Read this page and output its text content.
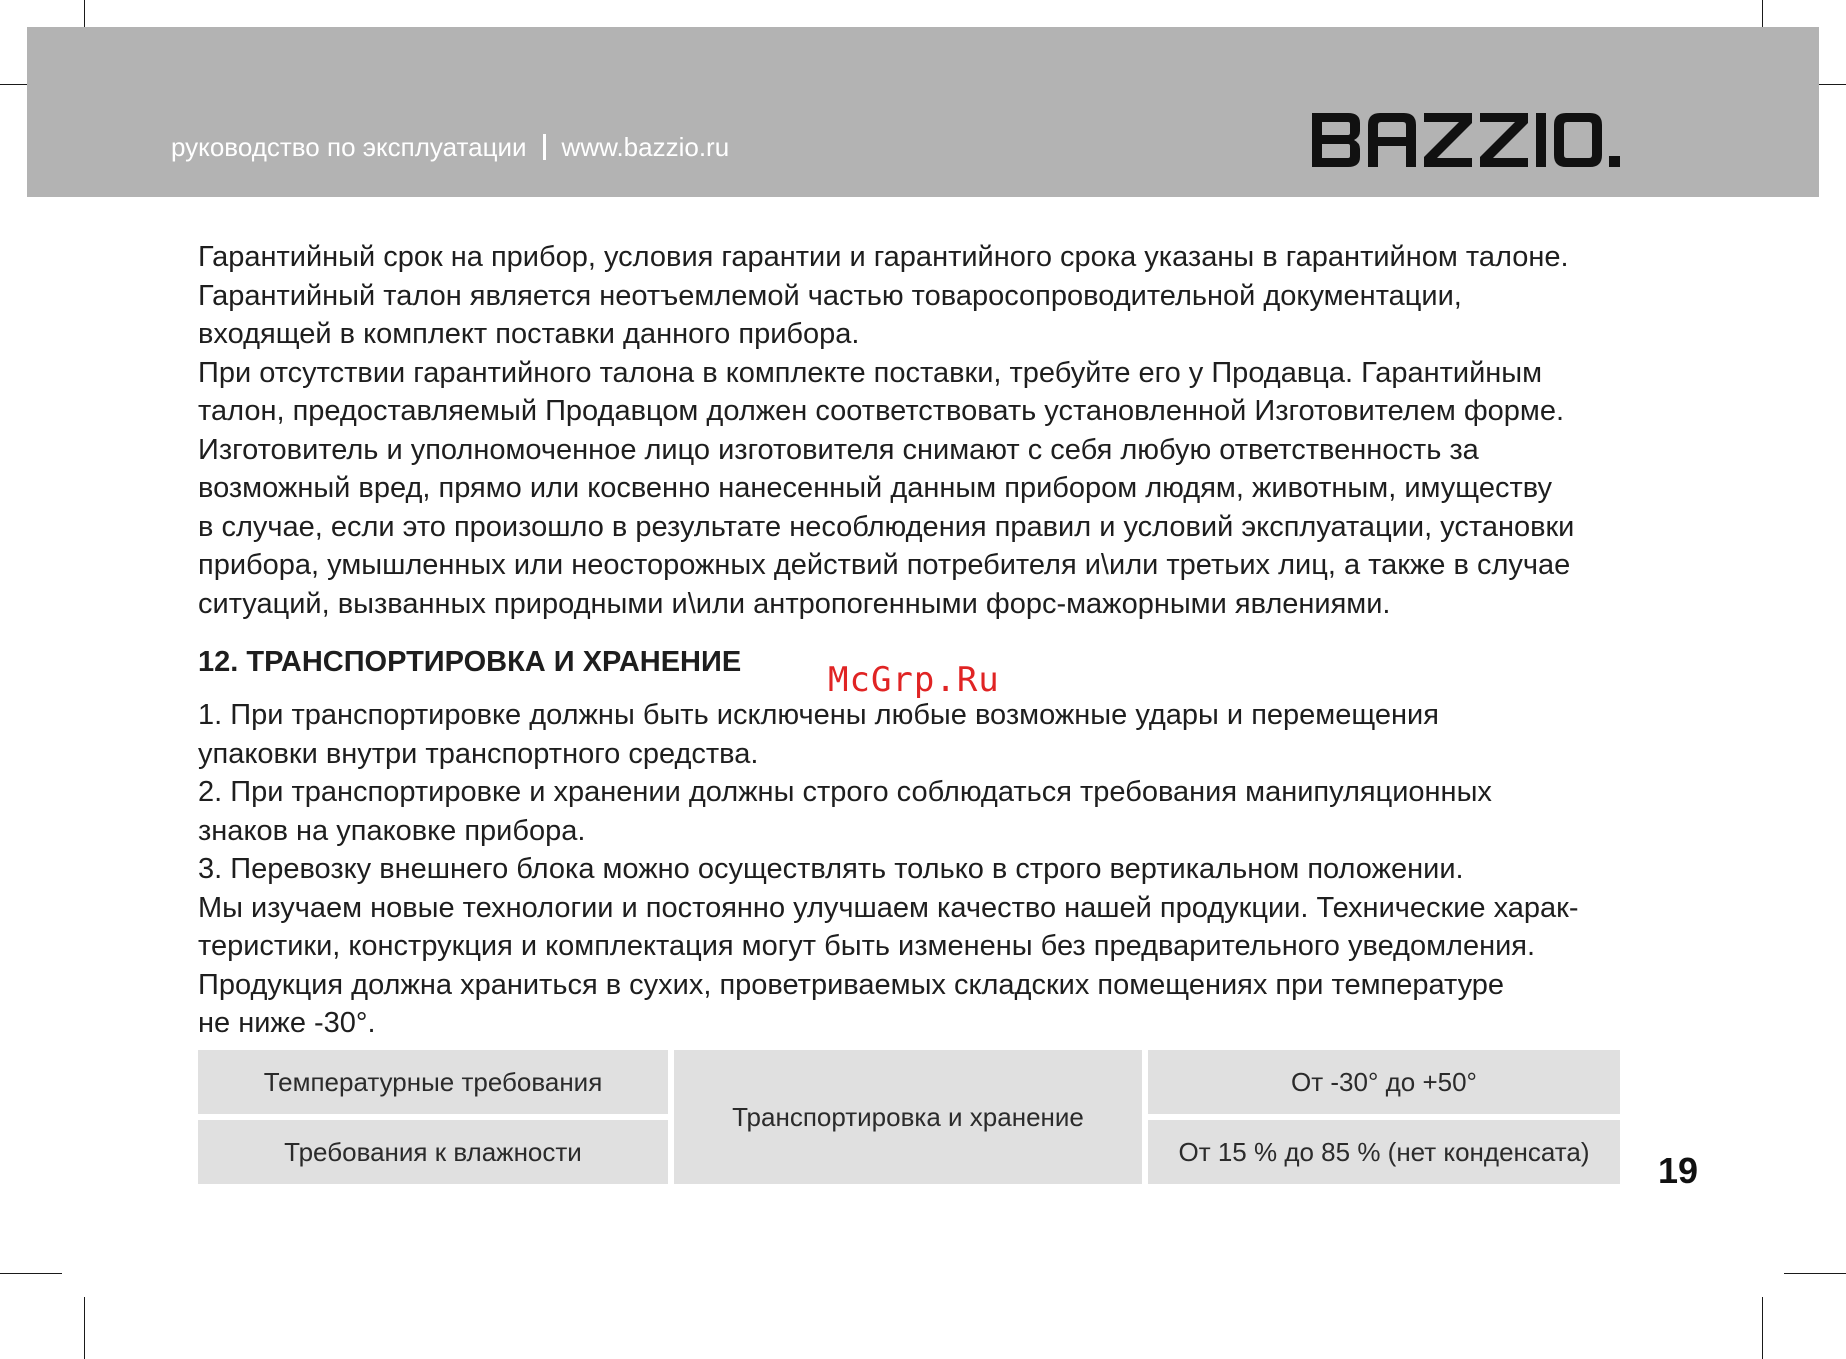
руководство по эксплуатации www.bazzio.ru

Гарантийный срок на прибор, условия гарантии и гарантийного срока указаны в гарантийном талоне.

Гарантийный талон является неотъемлемой частью товаросопроводительной документации,

входящей в комплект поставки данного прибора.

При отсутствии гарантийного талона в комплекте поставки, требуйте его у Продавца. Гарантийным

талон, предоставляемый Продавцом должен соответствовать установленной Изготовителем форме.

Изготовитель и уполномоченное лицо изготовителя снимают с себя любую ответственность за

возможный вред, прямо или косвенно нанесенный данным прибором людям, животным, имуществу

в случае, если это произошло в результате несоблюдения правил и условий эксплуатации, установки

прибора, умышленных или неосторожных действий потребителя и\или третьих лиц, а также в случае

ситуаций, вызванных природными и\или антропогенными форс-мажорными явлениями.

12. ТРАНСПОРТИРОВКА И ХРАНЕНИЕ	McGrp.Ru

1. При транспортировке должны быть исключены любые возможные удары и перемещения

упаковки внутри транспортного средства.

2. При транспортировке и хранении должны строго соблюдаться требования манипуляционных

знаков на упаковке прибора.

3. Перевозку внешнего блока можно осуществлять только в строго вертикальном положении.

Мы изучаем новые технологии и постоянно улучшаем качество нашей продукции. Технические харак-

теристики, конструкция и комплектация могут быть изменены без предварительного уведомления.

Продукция должна храниться в сухих, проветриваемых складских помещениях при температуре

не ниже -30°.

Температурные требования
Требования к влажности
Транспортировка и хранение
От -30° до +50°
От 15 % до 85 % (нет конденсата)	19
